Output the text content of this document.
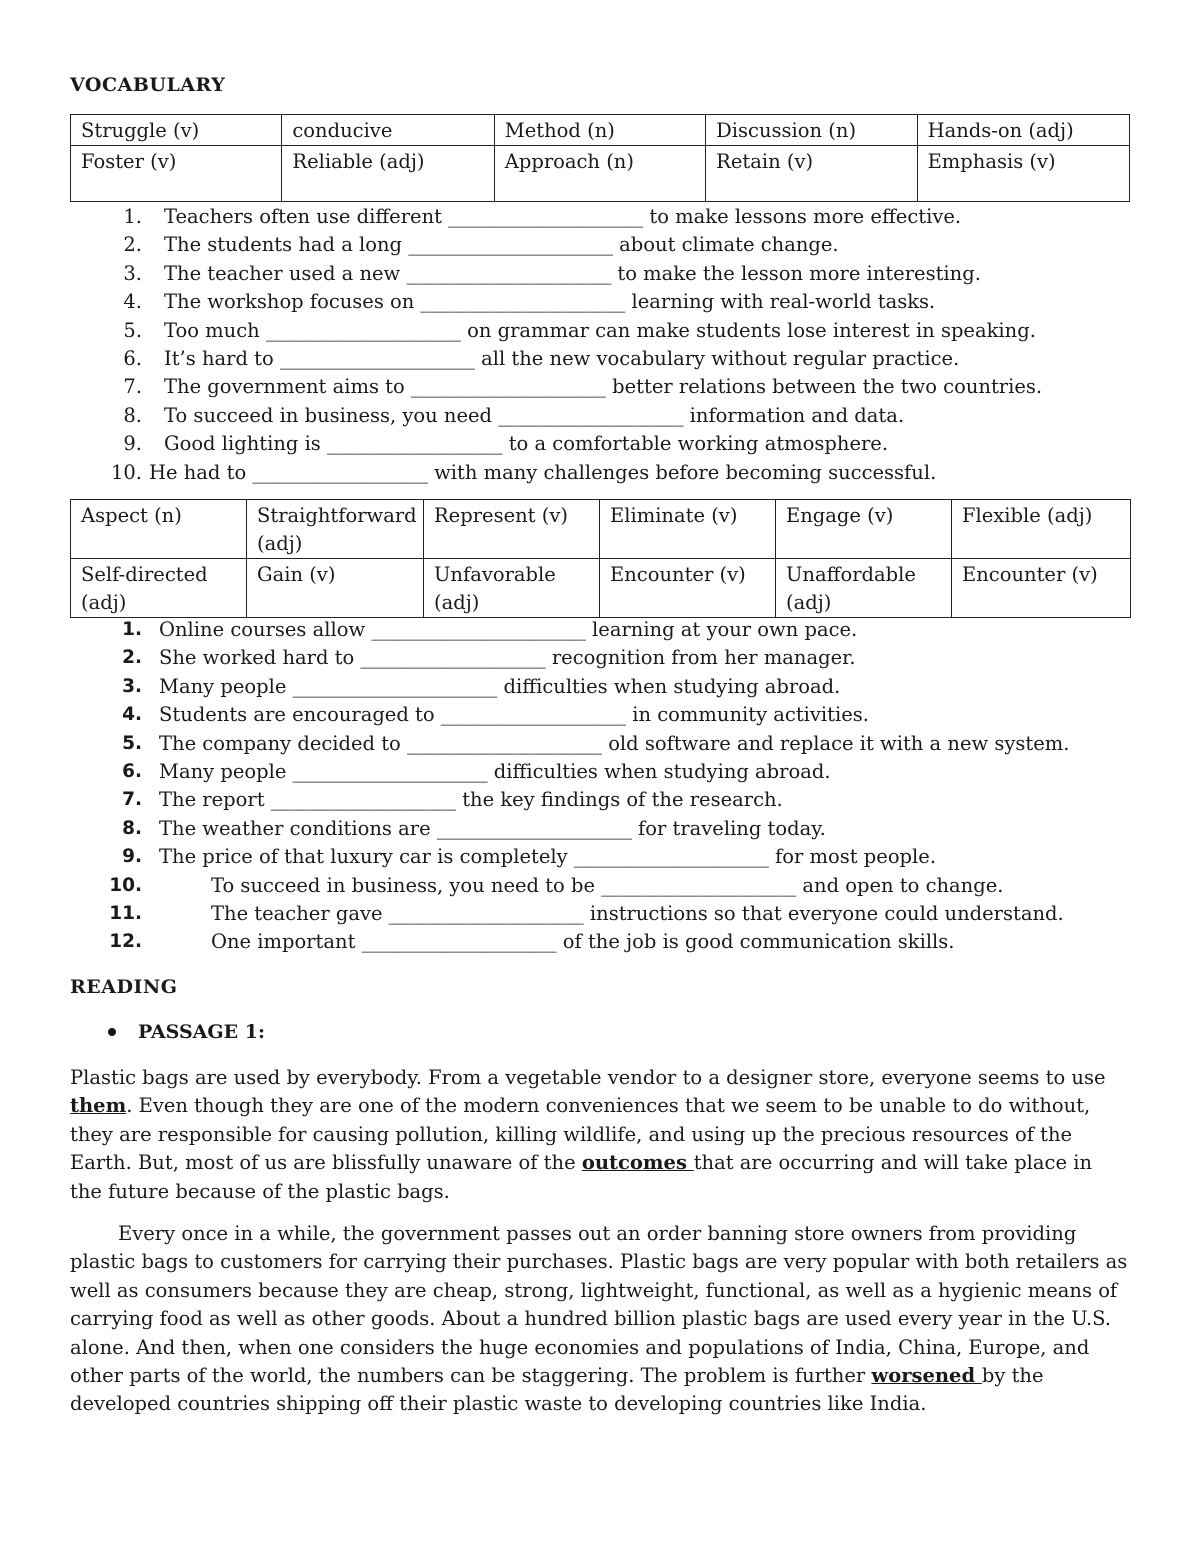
VOCABULARY
Struggle (v)	conducive	Method (n)	Discussion (n)	Hands-on (adj)
Foster (v)	Reliable (adj)	Approach (n)	Retain (v)	Emphasis (v)
1. Teachers often use different ____________________ to make lessons more effective.
2. The students had a long _____________________ about climate change.
3. The teacher used a new _____________________ to make the lesson more interesting.
4. The workshop focuses on _____________________ learning with real-world tasks.
5. Too much ____________________ on grammar can make students lose interest in speaking.
6. It’s hard to ____________________ all the new vocabulary without regular practice.
7. The government aims to ____________________ better relations between the two countries.
8. To succeed in business, you need ___________________ information and data.
9. Good lighting is __________________ to a comfortable working atmosphere.
10. He had to __________________ with many challenges before becoming successful.
Aspect (n)	Straightforward (adj)	Represent (v)	Eliminate (v)	Engage (v)	Flexible (adj)
Self-directed (adj)	Gain (v)	Unfavorable (adj)	Encounter (v)	Unaffordable (adj)	Encounter (v)
1. Online courses allow ______________________ learning at your own pace.
2. She worked hard to ___________________ recognition from her manager.
3. Many people _____________________ difficulties when studying abroad.
4. Students are encouraged to ___________________ in community activities.
5. The company decided to ____________________ old software and replace it with a new system.
6. Many people ____________________ difficulties when studying abroad.
7. The report ___________________ the key findings of the research.
8. The weather conditions are ____________________ for traveling today.
9. The price of that luxury car is completely ____________________ for most people.
10.	To succeed in business, you need to be ____________________ and open to change.
11.	The teacher gave ____________________ instructions so that everyone could understand.
12.	One important ____________________ of the job is good communication skills.
READING
PASSAGE 1:

Plastic bags are used by everybody. From a vegetable vendor to a designer store, everyone seems to use them. Even though they are one of the modern conveniences that we seem to be unable to do without, they are responsible for causing pollution, killing wildlife, and using up the precious resources of the Earth. But, most of us are blissfully unaware of the outcomes that are occurring and will take place in the future because of the plastic bags.

Every once in a while, the government passes out an order banning store owners from providing plastic bags to customers for carrying their purchases. Plastic bags are very popular with both retailers as well as consumers because they are cheap, strong, lightweight, functional, as well as a hygienic means of carrying food as well as other goods. About a hundred billion plastic bags are used every year in the U.S. alone. And then, when one considers the huge economies and populations of India, China, Europe, and other parts of the world, the numbers can be staggering. The problem is further worsened by the developed countries shipping off their plastic waste to developing countries like India.
